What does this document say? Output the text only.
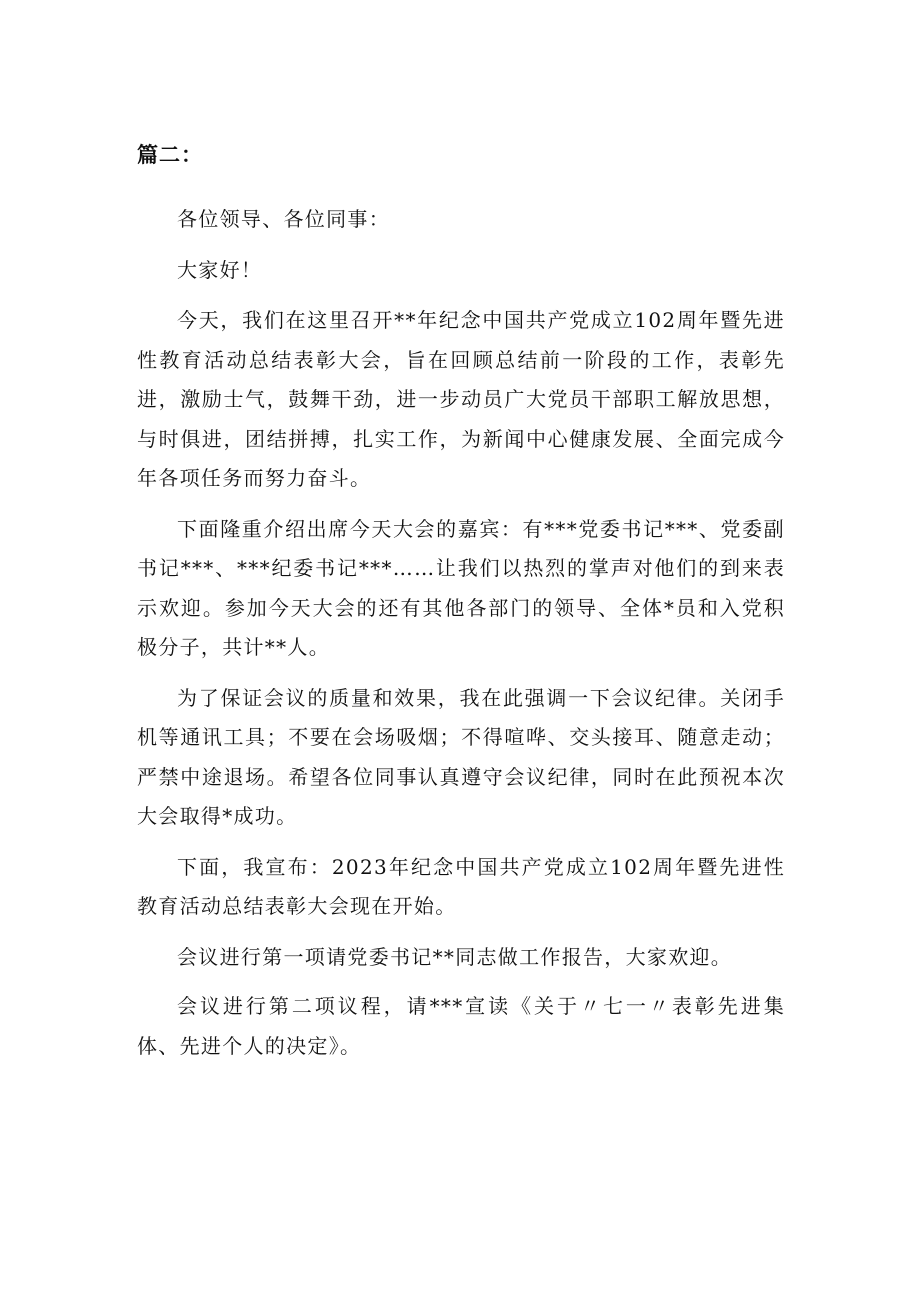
篇二：

各位领导、各位同事：

大家好！

今天，我们在这里召开**年纪念中国共产党成立102周年暨先进性教育活动总结表彰大会，旨在回顾总结前一阶段的工作，表彰先进，激励士气，鼓舞干劲，进一步动员广大党员干部职工解放思想，与时俱进，团结拼搏，扎实工作，为新闻中心健康发展、全面完成今年各项任务而努力奋斗。

下面隆重介绍出席今天大会的嘉宾：有***党委书记***、党委副书记***、***纪委书记***……让我们以热烈的掌声对他们的到来表示欢迎。参加今天大会的还有其他各部门的领导、全体*员和入党积极分子，共计**人。

为了保证会议的质量和效果，我在此强调一下会议纪律。关闭手机等通讯工具；不要在会场吸烟；不得喧哗、交头接耳、随意走动；严禁中途退场。希望各位同事认真遵守会议纪律，同时在此预祝本次大会取得*成功。

下面，我宣布：2023年纪念中国共产党成立102周年暨先进性教育活动总结表彰大会现在开始。

会议进行第一项请党委书记**同志做工作报告，大家欢迎。

会议进行第二项议程，请***宣读《关于〃七一〃表彰先进集体、先进个人的决定》。
